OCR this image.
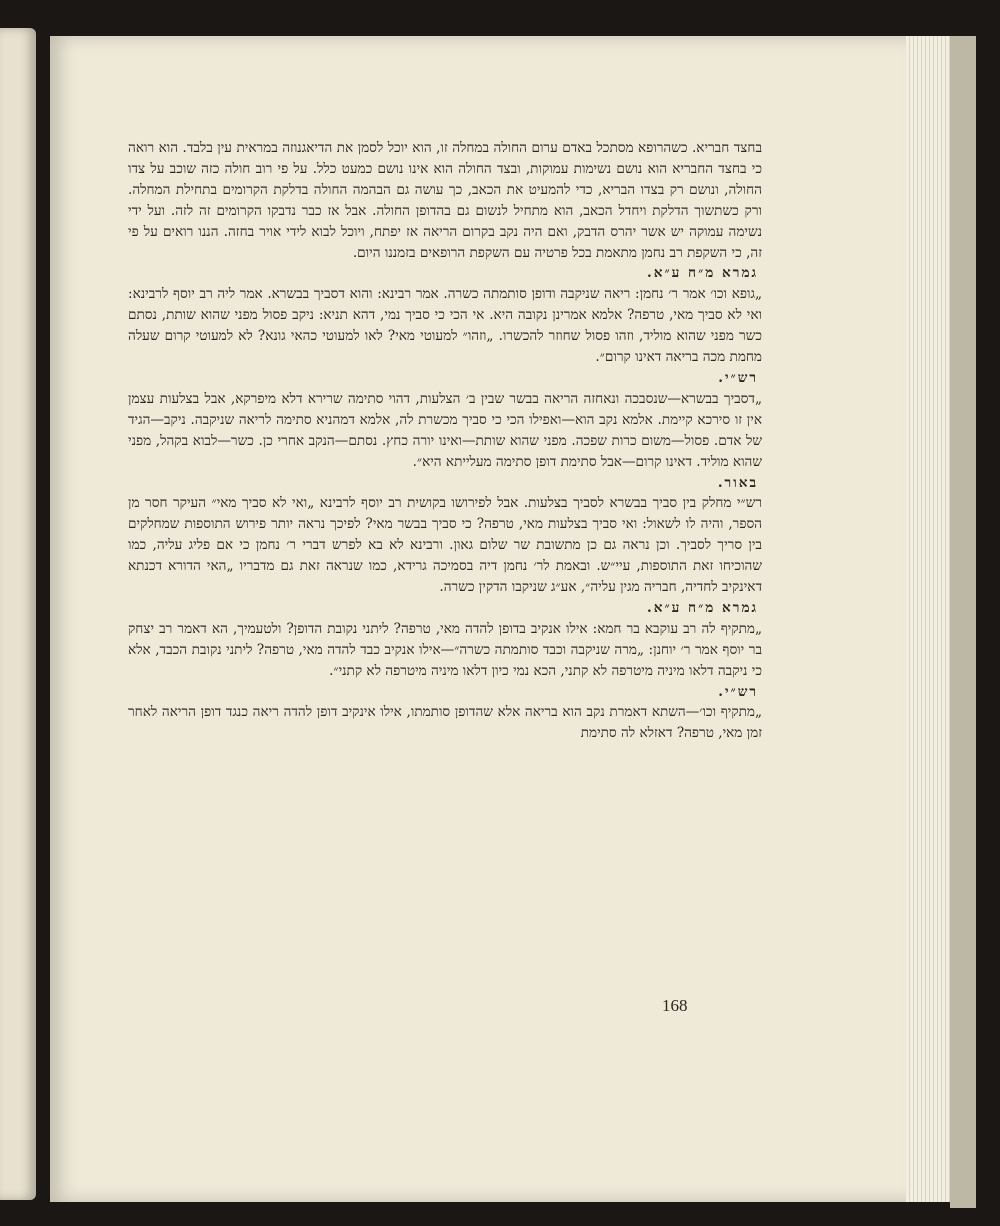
בחצד חבריא. כשהרופא מסתכל באדם ערום החולה במחלה זו, הוא יוכל לסמן את הדיאגנוזה במראית עין בלבד. הוא רואה כי בחצד החבריא הוא נושם נשימות עמוקות, ובצד החולה הוא אינו נושם כמעט כלל. על פי רוב חולה כזה שוכב על צדו החולה, ונושם רק בצדו הבריא, כדי להמעיט את הכאב, כך עושה גם הבהמה החולה בדלקת הקרומים בתחילת המחלה. ורק כשתשוך הדלקת ויחדל הכאב, הוא מתחיל לנשום גם בהדופן החולה. אבל אז כבר נדבקו הקרומים זה לזה. ועל ידי נשימה עמוקה יש אשר יהרס הדבק, ואם היה נקב בקרום הריאה אז יפתח, ויוכל לבוא לידי אויר בחזה. הננו רואים על פי זה, כי השקפת רב נחמן מתאמת בכל פרטיה עם השקפת הרופאים בזמננו היום.

גמרא מ״ח ע״א.

„גופא וכו׳ אמר ר׳ נחמן: ריאה שניקבה ודופן סותמתה כשרה. אמר רבינא: והוא דסביך בבשרא. אמר ליה רב יוסף לרבינא: ואי לא סביך מאי, טרפה? אלמא אמרינן נקובה היא. אי הכי כי סביך נמי, דהא תניא: ניקב פסול מפני שהוא שותת, נסתם כשר מפני שהוא מוליד, וזהו פסול שחוזר להכשרו. „וזהו״ למעוטי מאי? לאו למעוטי כהאי גונא? לא למעוטי קרום שעלה מחמת מכה בריאה דאינו קרום״.

רש״י.

„דסביך בבשרא—שנסבכה ונאחזה הריאה בבשר שבין ב׳ הצלעות, דהוי סתימה שרירא דלא מיפרקא, אבל בצלעות עצמן אין זו סירכא קיימת. אלמא נקב הוא—ואפילו הכי כי סביך מכשרת לה, אלמא דמהניא סתימה לריאה שניקבה. ניקב—הגיד של אדם. פסול—משום כרות שפכה. מפני שהוא שותת—ואינו יורה כחץ. נסתם—הנקב אחרי כן. כשר—לבוא בקהל, מפני שהוא מוליד. דאינו קרום—אבל סתימת דופן סתימה מעלייתא היא״.

באור.

רש״י מחלק בין סביך בבשרא לסביך בצלעות. אבל לפירושו בקושית רב יוסף לרבינא „ואי לא סביך מאי״ העיקר חסר מן הספר, והיה לו לשאול: ואי סביך בצלעות מאי, טרפה? כי סביך בבשר מאי? לפיכך נראה יותר פירוש התוספות שמחלקים בין סריך לסביך. וכן נראה גם כן מתשובת שר שלום גאון. ורבינא לא בא לפרש דברי ר׳ נחמן כי אם פליג עליה, כמו שהוכיחו זאת התוספות, עיי״ש. ובאמת לר׳ נחמן דיה בסמיכה גרידא, כמו שנראה זאת גם מדבריו „האי הדורא דכנתא דאינקיב לחדיה, חבריה מגין עליה״, אע״ג שניקבו הדקין כשרה.

גמרא מ״ח ע״א.

„מתקיף לה רב עוקבא בר חמא: אילו אנקיב בדופן להדה מאי, טרפה? ליתני נקובת הדופן? ולטעמיך, הא דאמר רב יצחק בר יוסף אמר ר׳ יוחנן: „מרה שניקבה וכבד סותמתה כשרה״—אילו אנקיב כבד להדה מאי, טרפה? ליתני נקובת הכבד, אלא כי ניקבה דלאו מיניה מיטרפה לא קתני, הכא נמי כיון דלאו מיניה מיטרפה לא קתני״.

רש״י.

„מתקיף וכו׳—השתא דאמרת נקב הוא בריאה אלא שהדופן סותמתו, אילו אינקיב דופן להדה ריאה כנגד דופן הריאה לאחר זמן מאי, טרפה? דאזלא לה סתימת

168
